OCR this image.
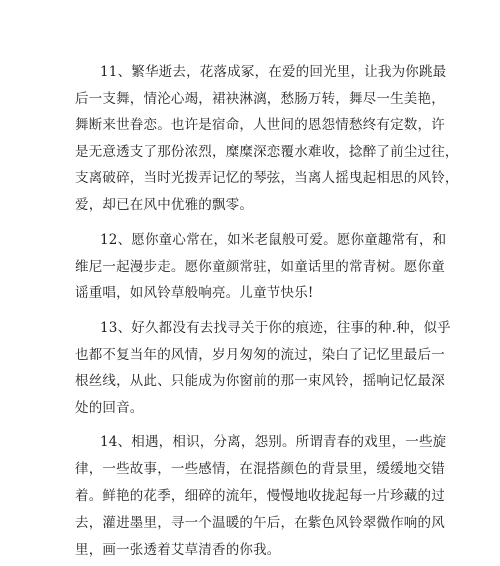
11、繁华逝去，花落成冢，在爱的回光里，让我为你跳最
后一支舞，情沦心竭，裙袂淋漓，愁肠万转，舞尽一生美艳，
舞断来世眷恋。也许是宿命，人世间的恩怨情愁终有定数，许
是无意透支了那份浓烈，糜糜深恋覆水难收，捻醉了前尘过往，
支离破碎，当时光拨弄记忆的琴弦，当离人摇曳起相思的风铃，
爱，却已在风中优雅的飘零。
12、愿你童心常在，如米老鼠般可爱。愿你童趣常有，和
维尼一起漫步走。愿你童颜常驻，如童话里的常青树。愿你童
谣重唱，如风铃草般响亮。儿童节快乐!
13、好久都没有去找寻关于你的痕迹，往事的种.种，似乎
也都不复当年的风情，岁月匆匆的流过，染白了记忆里最后一
根丝线，从此、只能成为你窗前的那一束风铃，摇响记忆最深
处的回音。
14、相遇，相识，分离，怨别。所谓青春的戏里，一些旋
律，一些故事，一些感情，在混搭颜色的背景里，缓缓地交错
着。鲜艳的花季，细碎的流年，慢慢地收拢起每一片珍藏的过
去，灌进墨里，寻一个温暖的午后，在紫色风铃翠微作响的风
里，画一张透着艾草清香的你我。
